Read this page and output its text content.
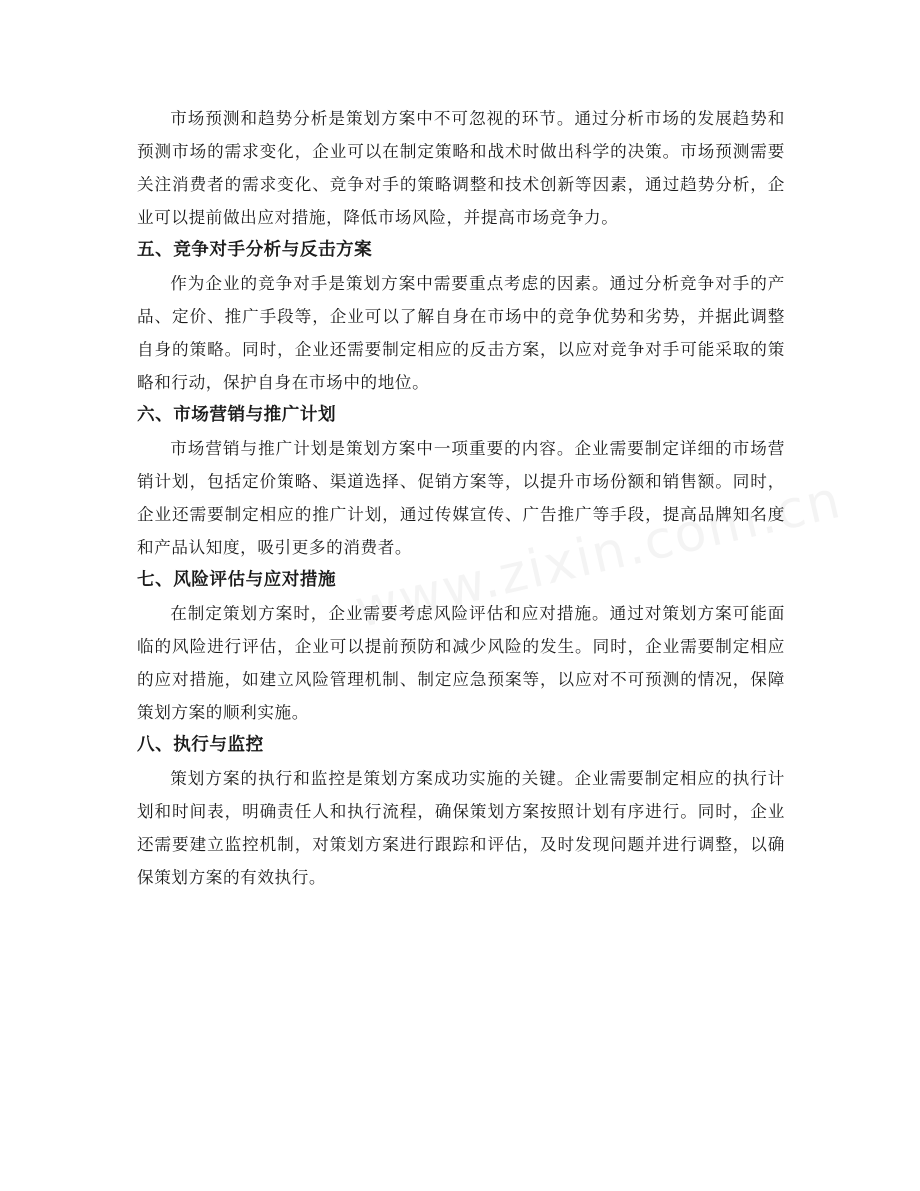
市场预测和趋势分析是策划方案中不可忽视的环节。通过分析市场的发展趋势和预测市场的需求变化，企业可以在制定策略和战术时做出科学的决策。市场预测需要关注消费者的需求变化、竞争对手的策略调整和技术创新等因素，通过趋势分析，企业可以提前做出应对措施，降低市场风险，并提高市场竞争力。

五、竞争对手分析与反击方案

作为企业的竞争对手是策划方案中需要重点考虑的因素。通过分析竞争对手的产品、定价、推广手段等，企业可以了解自身在市场中的竞争优势和劣势，并据此调整自身的策略。同时，企业还需要制定相应的反击方案，以应对竞争对手可能采取的策略和行动，保护自身在市场中的地位。

六、市场营销与推广计划

市场营销与推广计划是策划方案中一项重要的内容。企业需要制定详细的市场营销计划，包括定价策略、渠道选择、促销方案等，以提升市场份额和销售额。同时，企业还需要制定相应的推广计划，通过传媒宣传、广告推广等手段，提高品牌知名度和产品认知度，吸引更多的消费者。

七、风险评估与应对措施

在制定策划方案时，企业需要考虑风险评估和应对措施。通过对策划方案可能面临的风险进行评估，企业可以提前预防和减少风险的发生。同时，企业需要制定相应的应对措施，如建立风险管理机制、制定应急预案等，以应对不可预测的情况，保障策划方案的顺利实施。

八、执行与监控

策划方案的执行和监控是策划方案成功实施的关键。企业需要制定相应的执行计划和时间表，明确责任人和执行流程，确保策划方案按照计划有序进行。同时，企业还需要建立监控机制，对策划方案进行跟踪和评估，及时发现问题并进行调整，以确保策划方案的有效执行。
